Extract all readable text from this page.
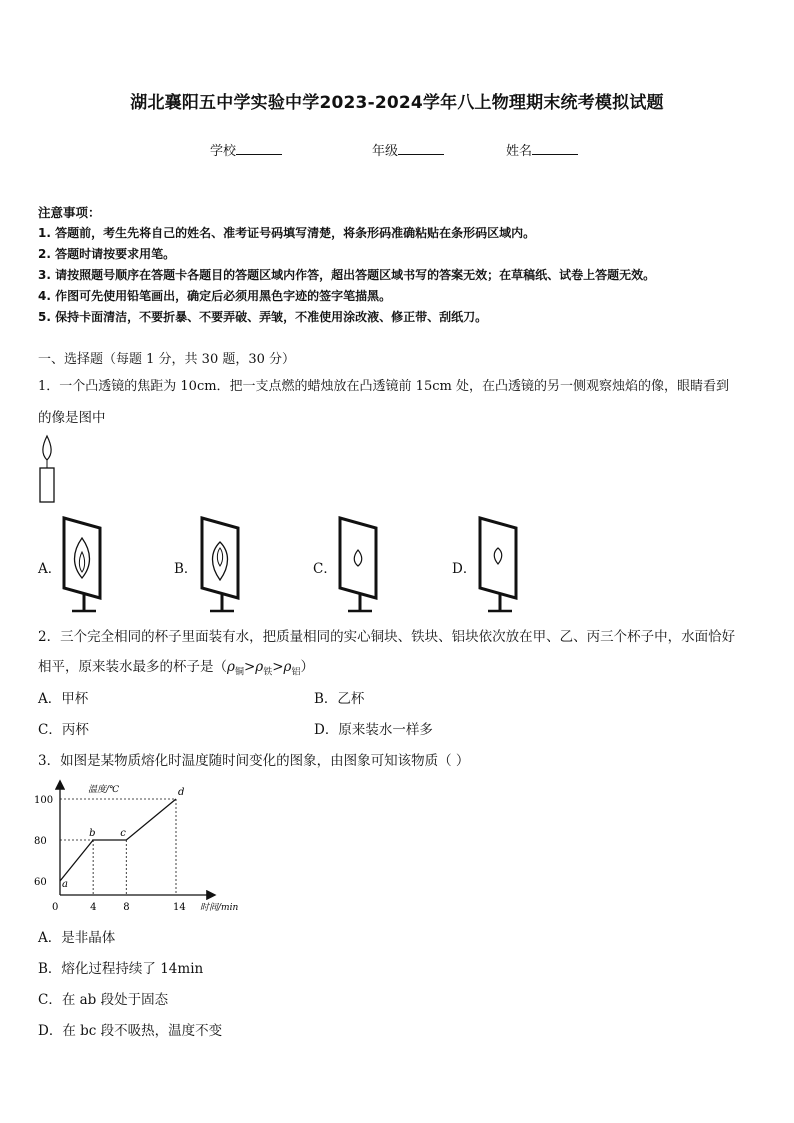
湖北襄阳五中学实验中学2023-2024学年八上物理期末统考模拟试题
学校	年级	姓名
注意事项：
1. 答题前，考生先将自己的姓名、准考证号码填写清楚，将条形码准确粘贴在条形码区域内。
2. 答题时请按要求用笔。
3. 请按照题号顺序在答题卡各题目的答题区域内作答，超出答题区域书写的答案无效；在草稿纸、试卷上答题无效。
4. 作图可先使用铅笔画出，确定后必须用黑色字迹的签字笔描黑。
5. 保持卡面清洁，不要折暴、不要弄破、弄皱，不准使用涂改液、修正带、刮纸刀。
一、选择题（每题 1 分，共 30 题，30 分）
1．一个凸透镜的焦距为 10cm．把一支点燃的蜡烛放在凸透镜前 15cm 处，在凸透镜的另一侧观察烛焰的像，眼睛看到
的像是图中
A．	B．	C．	D．
2．三个完全相同的杯子里面装有水，把质量相同的实心铜块、铁块、铝块依次放在甲、乙、丙三个杯子中，水面恰好
相平，原来装水最多的杯子是$(\rho_铜>\rho_铁>\rho_铝)$
A．甲杯	B．乙杯
C．丙杯	D．原来装水一样多
3．如图是某物质熔化时温度随时间变化的图象，由图象可知该物质（ ）
温度/℃
时间/min
100
80
60
0	4	8	14
a
b c
d
A．是非晶体
B．熔化过程持续了 14min
C．在 ab 段处于固态
D．在 bc 段不吸热，温度不变
